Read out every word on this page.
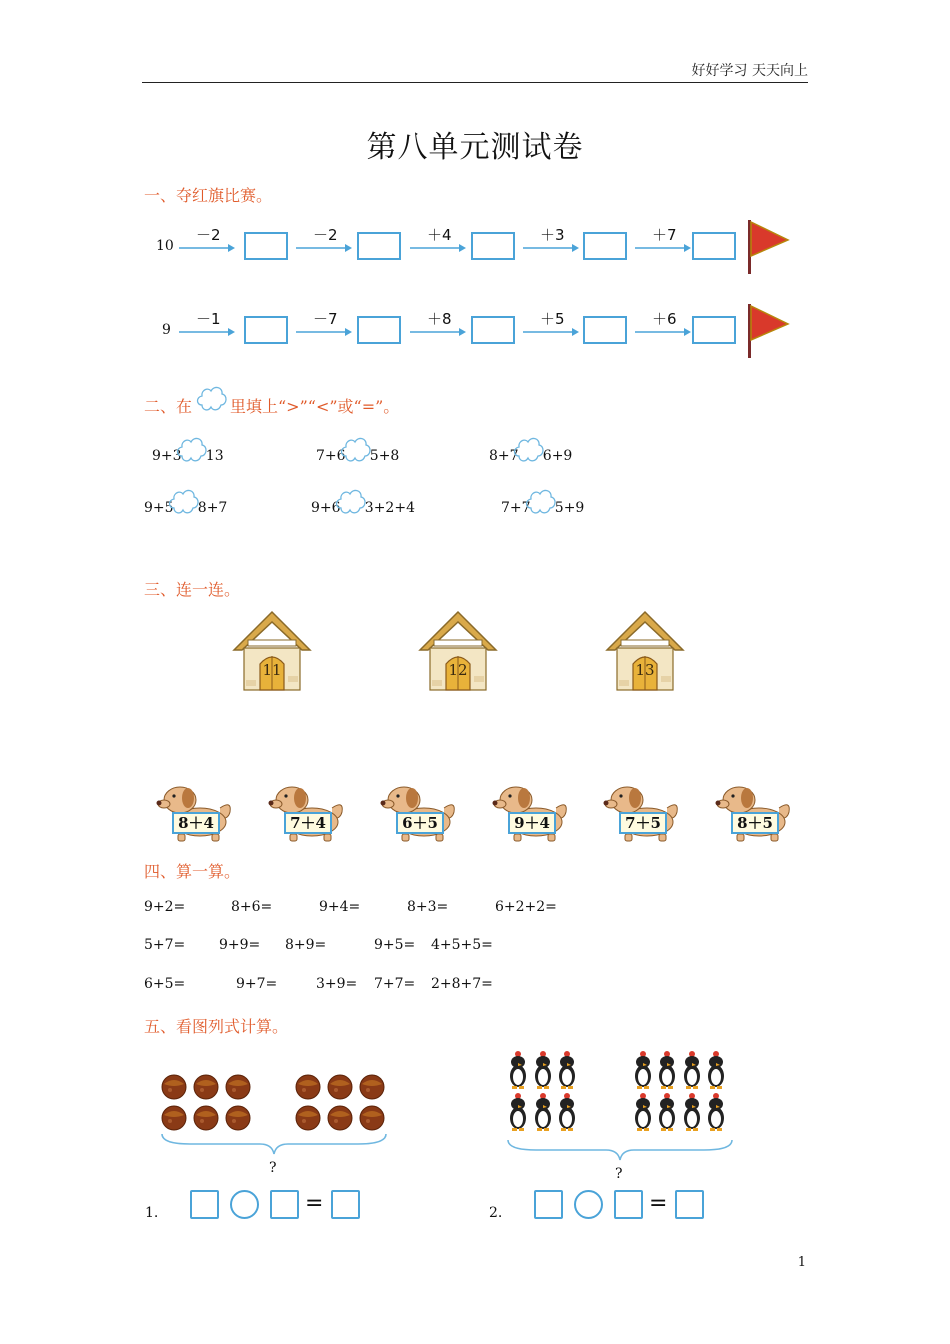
好好学习 天天向上
第八单元测试卷
一、夺红旗比赛。
10
－2	－2	＋4	＋3	＋7
9
－1	－7	＋8	＋5	＋6
二、在 里填上“>”“<”或“=”。
9+3 13	7+6 5+8	8+7 6+9
9+5 8+7	9+6 3+2+4	7+7 5+9
三、连一连。
11	12	13
8＋4	7＋4	6＋5	9＋4	7＋5	8＋5
四、算一算。
9+2=	8+6=	9+4=	8+3=	6+2+2=
5+7= 9+9= 8+9=	9+5= 4+5+5=
6+5=	9+7=	3+9= 7+7= 2+8+7=
五、看图列式计算。
?	?
1.	2.
=	=
1
